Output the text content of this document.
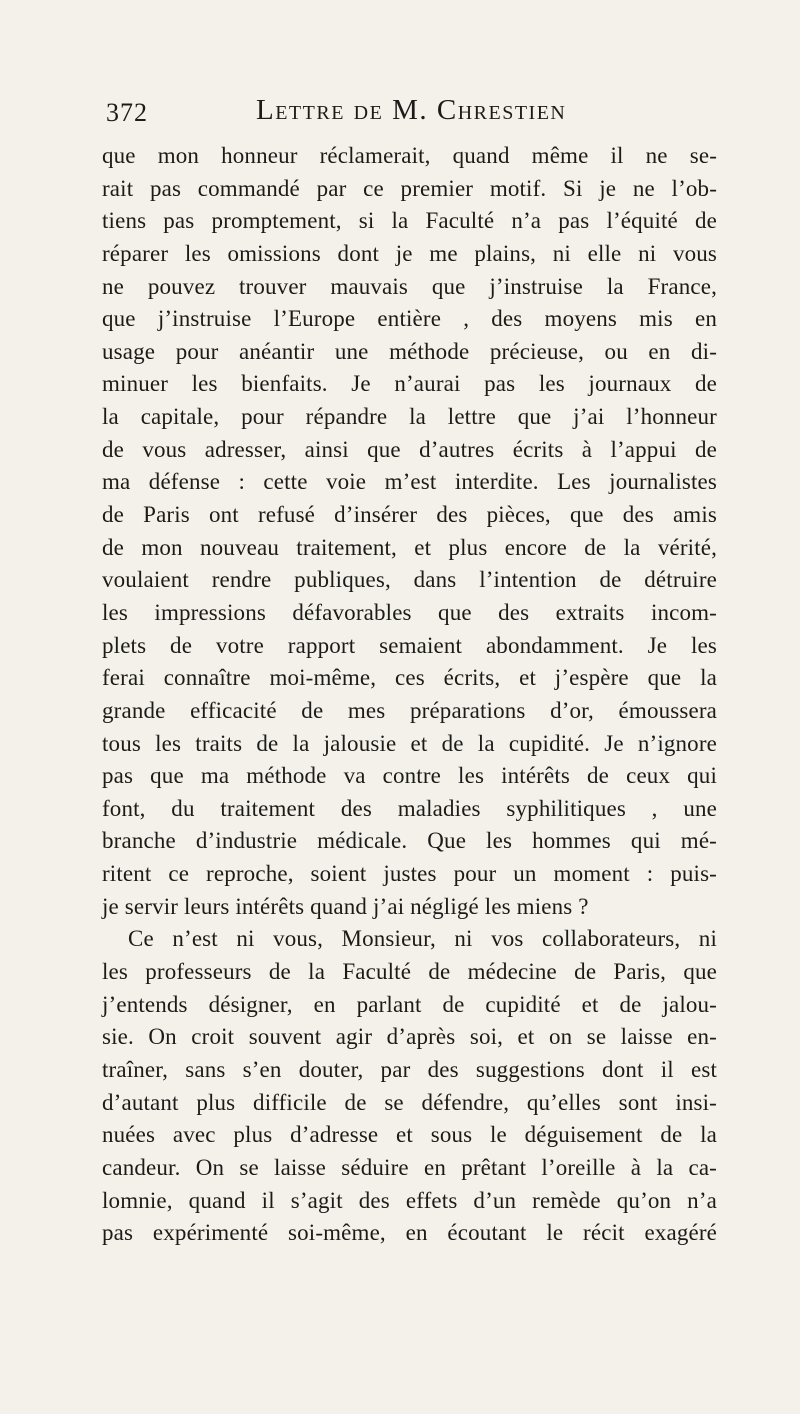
372	Lettre de M. Chrestien
que mon honneur réclamerait, quand même il ne se-
rait pas commandé par ce premier motif. Si je ne l’ob-
tiens pas promptement, si la Faculté n’a pas l’équité de
réparer les omissions dont je me plains, ni elle ni vous
ne pouvez trouver mauvais que j’instruise la France,
que j’instruise l’Europe entière , des moyens mis en
usage pour anéantir une méthode précieuse, ou en di-
minuer les bienfaits. Je n’aurai pas les journaux de
la capitale, pour répandre la lettre que j’ai l’honneur
de vous adresser, ainsi que d’autres écrits à l’appui de
ma défense : cette voie m’est interdite. Les journalistes
de Paris ont refusé d’insérer des pièces, que des amis
de mon nouveau traitement, et plus encore de la vérité,
voulaient rendre publiques, dans l’intention de détruire
les impressions défavorables que des extraits incom-
plets de votre rapport semaient abondamment. Je les
ferai connaître moi-même, ces écrits, et j’espère que la
grande efficacité de mes préparations d’or, émoussera
tous les traits de la jalousie et de la cupidité. Je n’ignore
pas que ma méthode va contre les intérêts de ceux qui
font, du traitement des maladies syphilitiques , une
branche d’industrie médicale. Que les hommes qui mé-
ritent ce reproche, soient justes pour un moment : puis-
je servir leurs intérêts quand j’ai négligé les miens ?
Ce n’est ni vous, Monsieur, ni vos collaborateurs, ni
les professeurs de la Faculté de médecine de Paris, que
j’entends désigner, en parlant de cupidité et de jalou-
sie. On croit souvent agir d’après soi, et on se laisse en-
traîner, sans s’en douter, par des suggestions dont il est
d’autant plus difficile de se défendre, qu’elles sont insi-
nuées avec plus d’adresse et sous le déguisement de la
candeur. On se laisse séduire en prêtant l’oreille à la ca-
lomnie, quand il s’agit des effets d’un remède qu’on n’a
pas expérimenté soi-même, en écoutant le récit exagéré
